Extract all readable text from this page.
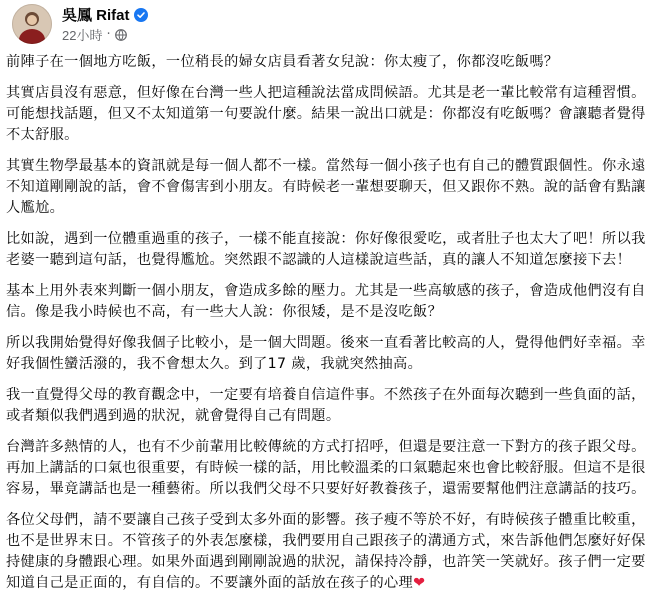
吳鳳 Rifat
22小時 ·

前陣子在一個地方吃飯，一位稍長的婦女店員看著女兒說：你太瘦了，你都沒吃飯嗎？

其實店員沒有惡意，但好像在台灣一些人把這種說法當成問候語。尤其是老一輩比較常有這種習慣。可能想找話題，但又不太知道第一句要說什麼。結果一說出口就是：你都沒有吃飯嗎？會讓聽者覺得不太舒服。

其實生物學最基本的資訊就是每一個人都不一樣。當然每一個小孩子也有自己的體質跟個性。你永遠不知道剛剛說的話，會不會傷害到小朋友。有時候老一輩想要聊天，但又跟你不熟。說的話會有點讓人尷尬。

比如說，遇到一位體重過重的孩子，一樣不能直接說：你好像很愛吃，或者肚子也太大了吧！所以我老婆一聽到這句話，也覺得尷尬。突然跟不認識的人這樣說這些話，真的讓人不知道怎麼接下去！

基本上用外表來判斷一個小朋友，會造成多餘的壓力。尤其是一些高敏感的孩子，會造成他們沒有自信。像是我小時候也不高，有一些大人說：你很矮，是不是沒吃飯？

所以我開始覺得好像我個子比較小，是一個大問題。後來一直看著比較高的人，覺得他們好幸福。幸好我個性蠻活潑的，我不會想太久。到了17 歲，我就突然抽高。

我一直覺得父母的教育觀念中，一定要有培養自信這件事。不然孩子在外面每次聽到一些負面的話，或者類似我們遇到過的狀況，就會覺得自己有問題。

台灣許多熱情的人，也有不少前輩用比較傳統的方式打招呼，但還是要注意一下對方的孩子跟父母。再加上講話的口氣也很重要，有時候一樣的話，用比較溫柔的口氣聽起來也會比較舒服。但這不是很容易，畢竟講話也是一種藝術。所以我們父母不只要好好教養孩子，還需要幫他們注意講話的技巧。

各位父母們，請不要讓自己孩子受到太多外面的影響。孩子瘦不等於不好，有時候孩子體重比較重，也不是世界末日。不管孩子的外表怎麼樣，我們要用自己跟孩子的溝通方式，來告訴他們怎麼好好保持健康的身體跟心理。如果外面遇到剛剛說過的狀況，請保持冷靜，也許笑一笑就好。孩子們一定要知道自己是正面的，有自信的。不要讓外面的話放在孩子的心理❤
